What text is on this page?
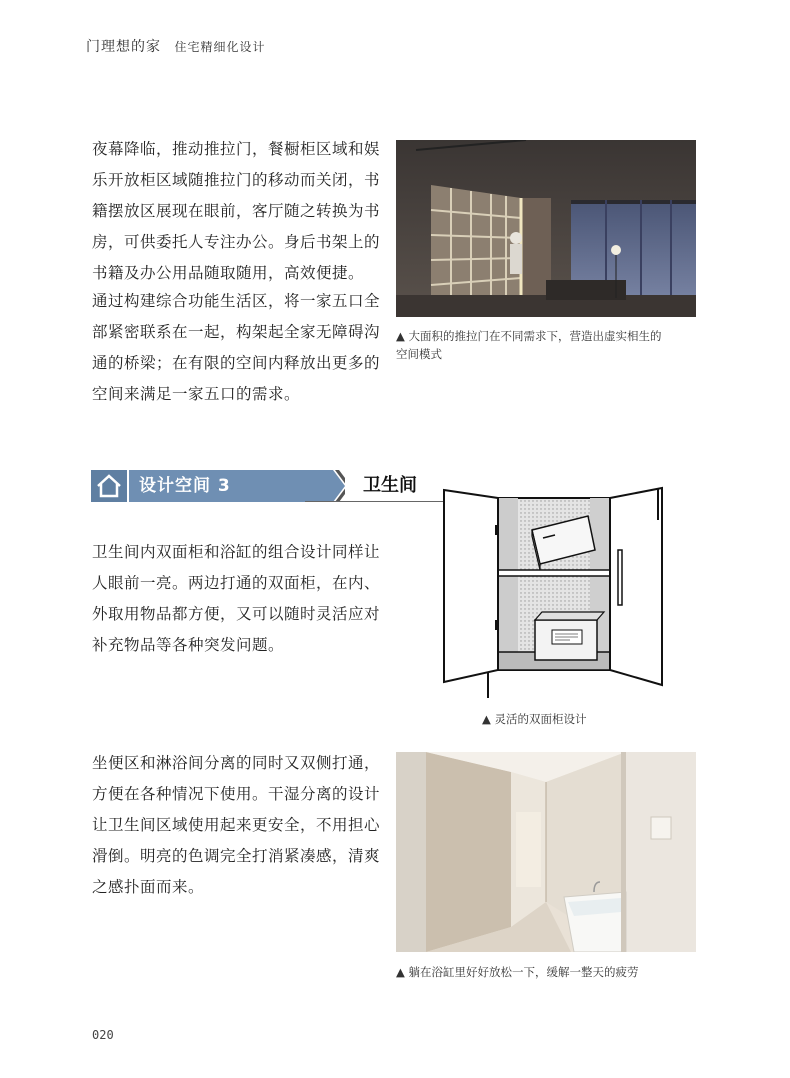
门理想的家 住宅精细化设计

夜幕降临，推动推拉门，餐橱柜区域和娱

乐开放柜区域随推拉门的移动而关闭，书

籍摆放区展现在眼前，客厅随之转换为书

房，可供委托人专注办公。身后书架上的

书籍及办公用品随取随用，高效便捷。

通过构建综合功能生活区，将一家五口全

部紧密联系在一起，构架起全家无障碍沟

通的桥梁；在有限的空间内释放出更多的

空间来满足一家五口的需求。

▲ 大面积的推拉门在不同需求下，营造出虚实相生的
空间模式
设计空间 3	卫生间

卫生间内双面柜和浴缸的组合设计同样让

人眼前一亮。两边打通的双面柜，在内、

外取用物品都方便，又可以随时灵活应对

补充物品等各种突发问题。

▲ 灵活的双面柜设计

坐便区和淋浴间分离的同时又双侧打通，

方便在各种情况下使用。干湿分离的设计

让卫生间区域使用起来更安全，不用担心

滑倒。明亮的色调完全打消紧凑感，清爽

之感扑面而来。

▲ 躺在浴缸里好好放松一下，缓解一整天的疲劳
020
